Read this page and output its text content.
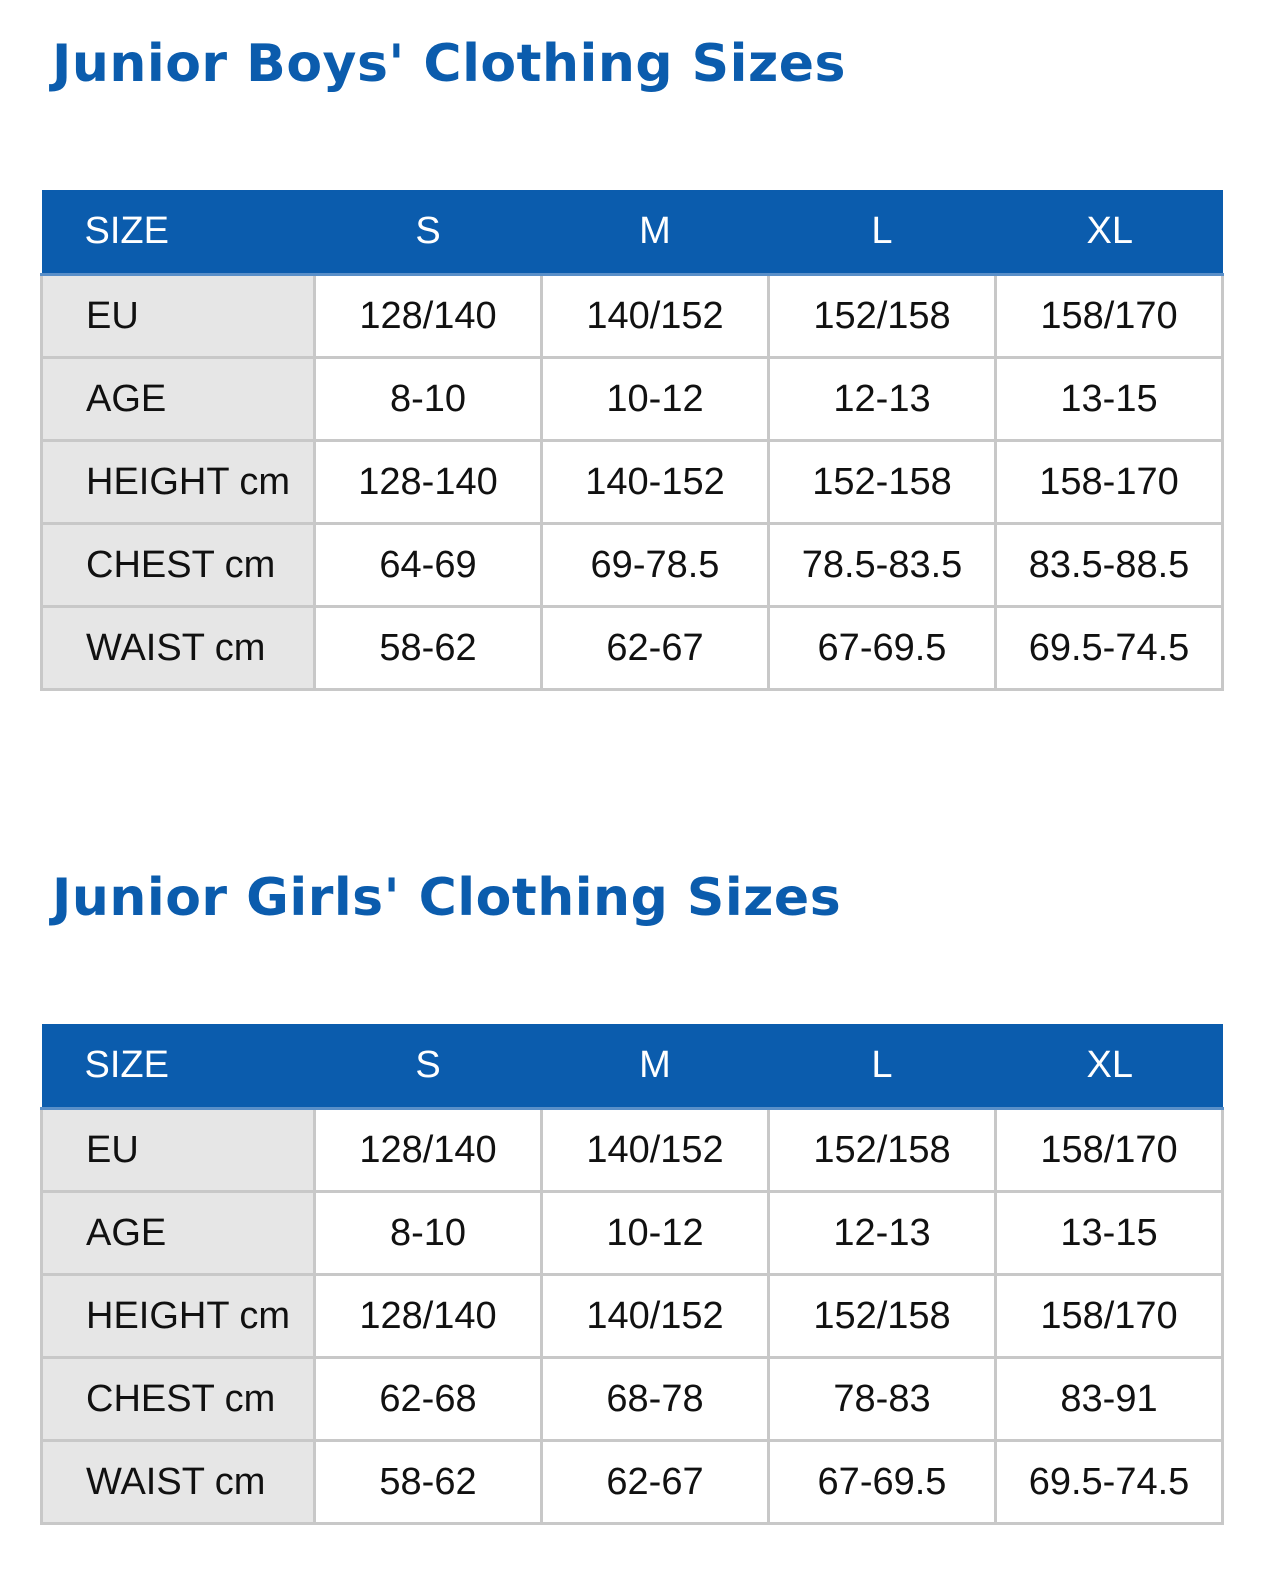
Junior Boys' Clothing Sizes
SIZE	S	M	L	XL
EU	128/140	140/152	152/158	158/170
AGE	8-10	10-12	12-13	13-15
HEIGHT cm	128-140	140-152	152-158	158-170
CHEST cm	64-69	69-78.5	78.5-83.5	83.5-88.5
WAIST cm	58-62	62-67	67-69.5	69.5-74.5
Junior Girls' Clothing Sizes
SIZE	S	M	L	XL
EU	128/140	140/152	152/158	158/170
AGE	8-10	10-12	12-13	13-15
HEIGHT cm	128/140	140/152	152/158	158/170
CHEST cm	62-68	68-78	78-83	83-91
WAIST cm	58-62	62-67	67-69.5	69.5-74.5
